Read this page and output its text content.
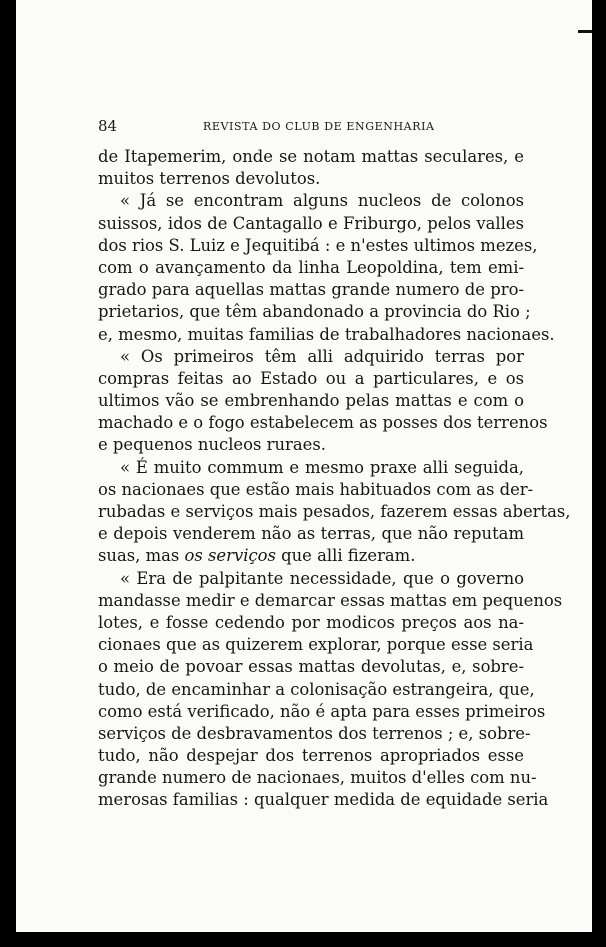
84	REVISTA DO CLUB DE ENGENHARIA
de Itapemerim, onde se notam mattas seculares, e
muitos terrenos devolutos.
« Já se encontram alguns nucleos de colonos
suissos, idos de Cantagallo e Friburgo, pelos valles
dos rios S. Luiz e Jequitibá : e n'estes ultimos mezes,
com o avançamento da linha Leopoldina, tem emi-
grado para aquellas mattas grande numero de pro-
prietarios, que têm abandonado a provincia do Rio ;
e, mesmo, muitas familias de trabalhadores nacionaes.
« Os primeiros têm alli adquirido terras por
compras feitas ao Estado ou a particulares, e os
ultimos vão se embrenhando pelas mattas e com o
machado e o fogo estabelecem as posses dos terrenos
e pequenos nucleos ruraes.
« É muito commum e mesmo praxe alli seguida,
os nacionaes que estão mais habituados com as der-
rubadas e serviços mais pesados, fazerem essas abertas,
e depois venderem não as terras, que não reputam
suas, mas os serviços que alli fizeram.
« Era de palpitante necessidade, que o governo
mandasse medir e demarcar essas mattas em pequenos
lotes, e fosse cedendo por modicos preços aos na-
cionaes que as quizerem explorar, porque esse seria
o meio de povoar essas mattas devolutas, e, sobre-
tudo, de encaminhar a colonisação estrangeira, que,
como está verificado, não é apta para esses primeiros
serviços de desbravamentos dos terrenos ; e, sobre-
tudo, não despejar dos terrenos apropriados esse
grande numero de nacionaes, muitos d'elles com nu-
merosas familias : qualquer medida de equidade seria
